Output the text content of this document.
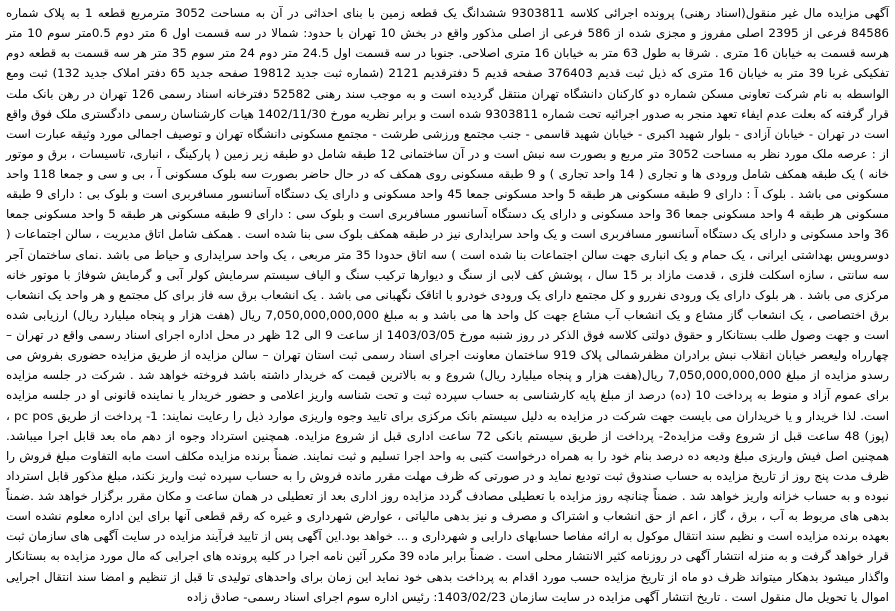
آگهی مزایده مال غیر منقول(اسناد رهنی) پرونده اجرائی کلاسه 9303811 ششدانگ یک قطعه زمین با بنای احداثی در آن به مساحت 3052 مترمربع قطعه 1 به پلاک شماره 84586 فرعی از 2395 اصلی مفروز و مجزی شده از 586 فرعی از اصلی مذکور واقع در بخش 10 تهران با حدود: شمالا در سه قسمت اول 6 متر دوم 0.5متر سوم 10 متر هرسه قسمت به خیابان 16 متری . شرقا به طول 63 متر به خیابان 16 متری اصلاحی. جنوبا در سه قسمت اول 24.5 متر دوم 24 متر سوم 35 متر هر سه قسمت به قطعه دوم تفکیکی غربا 39 متر به خیابان 16 متری که ذیل ثبت قدیم 376403 صفحه قدیم 5 دفترقدیم 2121 (شماره ثبت جدید 19812 صفحه جدید 65 دفتر املاک جدید 132) ثبت ومع الواسطه به نام شرکت تعاونی مسکن شماره دو کارکنان دانشگاه تهران منتقل گردیده است و به موجب سند رهنی 52582 دفترخانه اسناد رسمی 126 تهران در رهن بانک ملت قرار گرفته که بعلت عدم ایفاء تعهد منجر به صدور اجرائیه تحت شماره 9303811 شده است و برابر نظریه مورخ 1402/11/30 هیات کارشناسان رسمی دادگستری ملک فوق واقع است در تهران - خیابان آزادی - بلوار شهید اکبری - خیابان شهید قاسمی - جنب مجتمع ورزشی طرشت - مجتمع مسکونی دانشگاه تهران و توصیف اجمالی مورد وثیقه عبارت است از : عرصه ملک مورد نظر به مساحت 3052 متر مربع و بصورت سه نبش است و در آن ساختمانی 12 طبقه شامل دو طبقه زیر زمین ( پارکینگ ، انباری، تاسیسات ، برق و موتور خانه ) یک طبقه همکف شامل ورودی ها و تجاری ( 14 واحد تجاری ) و 9 طبقه مسکونی روی همکف که در حال حاضر بصورت سه بلوک مسکونی آ ، بی و سی و جمعا 118 واحد مسکونی می باشد . بلوک آ : دارای 9 طبقه مسکونی هر طبقه 5 واحد مسکونی جمعا 45 واحد مسکونی و دارای یک دستگاه آسانسور مسافربری است و بلوک بی : دارای 9 طبقه مسکونی هر طبقه 4 واحد مسکونی جمعا 36 واحد مسکونی و دارای یک دستگاه آسانسور مسافربری است و بلوک سی : دارای 9 طبقه مسکونی هر طبقه 5 واحد مسکونی جمعا 36 واحد مسکونی و دارای یک دستگاه آسانسور مسافربری است و یک واحد سرایداری نیز در طبقه همکف بلوک سی بنا شده است . همکف شامل اتاق مدیریت ، سالن اجتماعات ( دوسرویس بهداشتی ایرانی ، یک حمام و یک انباری جهت سالن اجتماعات بنا شده است ) سه اتاق حدودا 35 متر مربعی ، یک واحد سرایداری و حیاط می باشد .نمای ساختمان آجر سه سانتی ، سازه اسکلت فلزی ، قدمت مازاد بر 15 سال ، پوشش کف لابی از سنگ و دیوارها ترکیب سنگ و الیاف سیستم سرمایش کولر آبی و گرمایش شوفاژ با موتور خانه مرکزی می باشد . هر بلوک دارای یک ورودی نفررو و کل مجتمع دارای یک ورودی خودرو با اتاقک نگهبانی می باشد . یک انشعاب برق سه فاز برای کل مجتمع و هر واحد یک انشعاب برق اختصاصی ، یک انشعاب گاز مشاع و یک انشعاب آب مشاع جهت کل واحد ها می باشد و به مبلغ 7,050,000,000,000 ریال (هفت هزار و پنجاه میلیارد ریال) ارزیابی شده است و جهت وصول طلب بستانکار و حقوق دولتی کلاسه فوق الذکر در روز شنبه مورخ 1403/03/05 از ساعت 9 الی 12 ظهر در محل اداره اجرای اسناد رسمی واقع در تهران – چهارراه ولیعصر خیابان انقلاب نبش برادران مظفرشمالی پلاک 919 ساختمان معاونت اجرای اسناد رسمی ثبت استان تهران – سالن مزایده از طریق مزایده حضوری بفروش می رسدو مزایده از مبلغ 7,050,000,000,000 ریال(هفت هزار و پنجاه میلیارد ریال) شروع و به بالاترین قیمت که خریدار داشته باشد فروخته خواهد شد . شرکت در جلسه مزایده برای عموم آزاد و منوط به پرداخت 10 (ده) درصد از مبلغ پایه کارشناسی به حساب سپرده ثبت و تحت شناسه واریز اعلامی و حضور خریدار یا نماینده قانونی او در جلسه مزایده است. لذا خریدار و یا خریداران می بایست جهت شرکت در مزایده به دلیل سیستم بانک مرکزی برای تایید وجوه واریزی موارد ذیل را رعایت نمایند: 1- پرداخت از طریق pc pos ، (پوز) 48 ساعت قبل از شروع وقت مزایده2- پرداخت از طریق سیستم بانکی 72 ساعت اداری قبل از شروع مزایده. همچنین استرداد وجوه از دهم ماه بعد قابل اجرا میباشد. همچنین اصل فیش واریزی مبلغ ودیعه ده درصد بنام خود را به همراه درخواست کتبی به واحد اجرا تسلیم و ثبت نمایند. ضمناً برنده مزایده مکلف است مابه التفاوت مبلغ فروش را ظرف مدت پنج روز از تاریخ مزایده به حساب صندوق ثبت تودیع نماید و در صورتی که ظرف مهلت مقرر مانده فروش را به حساب سپرده ثبت واریز نکند، مبلغ مذکور قابل استرداد نبوده و به حساب خزانه واریز خواهد شد . ضمناً چنانچه روز مزایده با تعطیلی مصادف گردد مزایده روز اداری بعد از تعطیلی در همان ساعت و مکان مقرر برگزار خواهد شد .ضمناً بدهی های مربوط به آب ، برق ، گاز ، اعم از حق انشعاب و اشتراک و مصرف و نیز بدهی مالیاتی ، عوارض شهرداری و غیره که رقم قطعی آنها برای این اداره معلوم نشده است بعهده برنده مزایده است و نظیم سند انتقال موکول به ارائه مفاصا حسابهای دارایی و شهرداری و ... خواهد بود.این آگهی پس از تایید فرآیند مزایده در سایت آگهی های سازمان ثبت قرار خواهد گرفت و به منزله انتشار آگهی در روزنامه کثیر الانتشار محلی است . ضمناً برابر ماده 39 مکرر آئین نامه اجرا در کلیه پرونده های اجرایی که مال مورد مزایده به بستانکار واگذار میشود بدهکار میتواند ظرف دو ماه از تاریخ مزایده حسب مورد اقدام به پرداخت بدهی خود نماید این زمان برای واحدهای تولیدی تا قبل از تنظیم و امضا سند انتقال اجرایی اموال یا تحویل مال منقول است . تاریخ انتشار آگهی مزایده در سایت سازمان 1403/02/23: رئیس اداره سوم اجرای اسناد رسمی- صادق زاده
